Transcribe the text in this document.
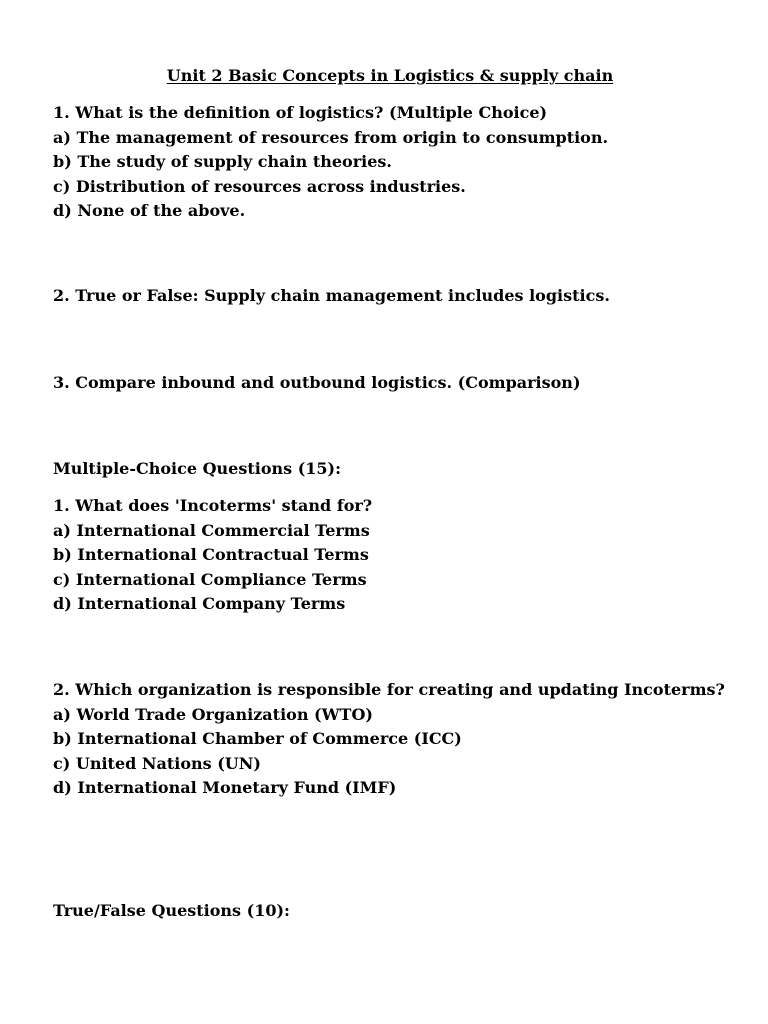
Unit 2 Basic Concepts in Logistics & supply chain
1. What is the definition of logistics? (Multiple Choice)
a) The management of resources from origin to consumption.
b) The study of supply chain theories.
c) Distribution of resources across industries.
d) None of the above.
2. True or False: Supply chain management includes logistics.
3. Compare inbound and outbound logistics. (Comparison)
Multiple-Choice Questions (15):
1. What does 'Incoterms' stand for?
a) International Commercial Terms
b) International Contractual Terms
c) International Compliance Terms
d) International Company Terms
2. Which organization is responsible for creating and updating Incoterms?
a) World Trade Organization (WTO)
b) International Chamber of Commerce (ICC)
c) United Nations (UN)
d) International Monetary Fund (IMF)
True/False Questions (10):
